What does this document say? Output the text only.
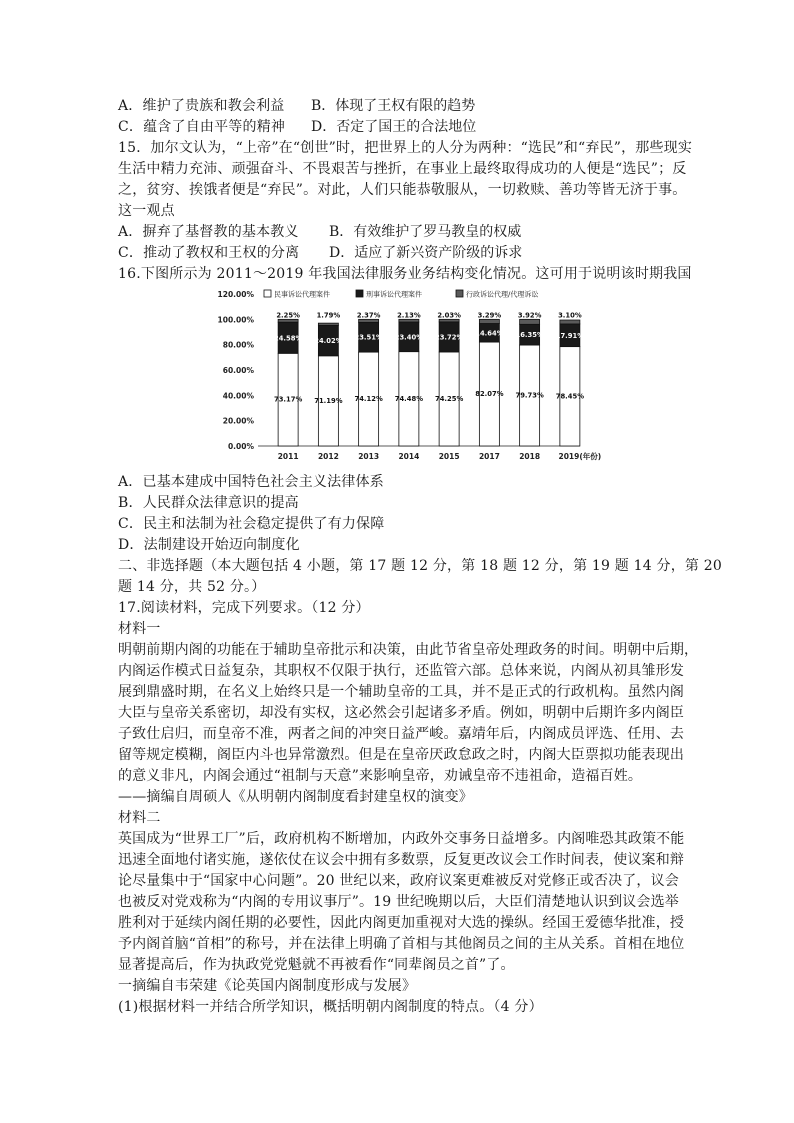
A．维护了贵族和教会利益 B．体现了王权有限的趋势
C．蕴含了自由平等的精神 D．否定了国王的合法地位
15．加尔文认为，“上帝”在“创世”时，把世界上的人分为两种：“选民”和“弃民”，那些现实
生活中精力充沛、顽强奋斗、不畏艰苦与挫折，在事业上最终取得成功的人便是“选民”；反
之，贫穷、挨饿者便是“弃民”。对此，人们只能恭敬服从，一切救赎、善功等皆无济于事。
这一观点
A．摒弃了基督教的基本教义 B．有效维护了罗马教皇的权威
C．推动了教权和王权的分离 D．适应了新兴资产阶级的诉求
16.下图所示为 2011～2019 年我国法律服务业务结构变化情况。这可用于说明该时期我国
民事诉讼代理案件	刑事诉讼代理案件	行政诉讼代理/代理诉讼
0.00%
20.00%
40.00%
60.00%
80.00%
100.00%
120.00%
73.17%
24.58%
2.25%
71.19%
24.02%
1.79%
74.12%
23.51%
2.37%
74.48%
23.40%
2.13%
74.25%
23.72%
2.03%
82.07%
14.64%
3.29%
79.73%
16.35%
3.92%
78.45%
17.91%
3.10%
2011	2012	2013	2014	2015	2017	2018 2019(年份)
A．已基本建成中国特色社会主义法律体系
B．人民群众法律意识的提高
C．民主和法制为社会稳定提供了有力保障
D．法制建设开始迈向制度化
二、非选择题（本大题包括 4 小题，第 17 题 12 分，第 18 题 12 分，第 19 题 14 分，第 20
题 14 分，共 52 分。）
17.阅读材料，完成下列要求。（12 分）
材料一
明朝前期内阁的功能在于辅助皇帝批示和决策，由此节省皇帝处理政务的时间。明朝中后期，
内阁运作模式日益复杂，其职权不仅限于执行，还监管六部。总体来说，内阁从初具雏形发
展到鼎盛时期，在名义上始终只是一个辅助皇帝的工具，并不是正式的行政机构。虽然内阁
大臣与皇帝关系密切，却没有实权，这必然会引起诸多矛盾。例如，明朝中后期许多内阁臣
子致仕启归，而皇帝不准，两者之间的冲突日益严峻。嘉靖年后，内阁成员评选、任用、去
留等规定模糊，阁臣内斗也异常激烈。但是在皇帝厌政怠政之时，内阁大臣票拟功能表现出
的意义非凡，内阁会通过“祖制与天意”来影响皇帝，劝诫皇帝不违祖命，造福百姓。
——摘编自周硕人《从明朝内阁制度看封建皇权的演变》
材料二
英国成为“世界工厂”后，政府机构不断增加，内政外交事务日益增多。内阁唯恐其政策不能
迅速全面地付诸实施，遂依仗在议会中拥有多数票，反复更改议会工作时间表，使议案和辩
论尽量集中于“国家中心问题”。20 世纪以来，政府议案更难被反对党修正或否决了，议会
也被反对党戏称为“内阁的专用议事厅”。19 世纪晚期以后，大臣们清楚地认识到议会选举
胜利对于延续内阁任期的必要性，因此内阁更加重视对大选的操纵。经国王爱德华批准，授
予内阁首脑“首相”的称号，并在法律上明确了首相与其他阁员之间的主从关系。首相在地位
显著提高后，作为执政党党魁就不再被看作“同辈阁员之首”了。
一摘编自韦荣建《论英国内阁制度形成与发展》
(1)根据材料一并结合所学知识，概括明朝内阁制度的特点。（4 分）
